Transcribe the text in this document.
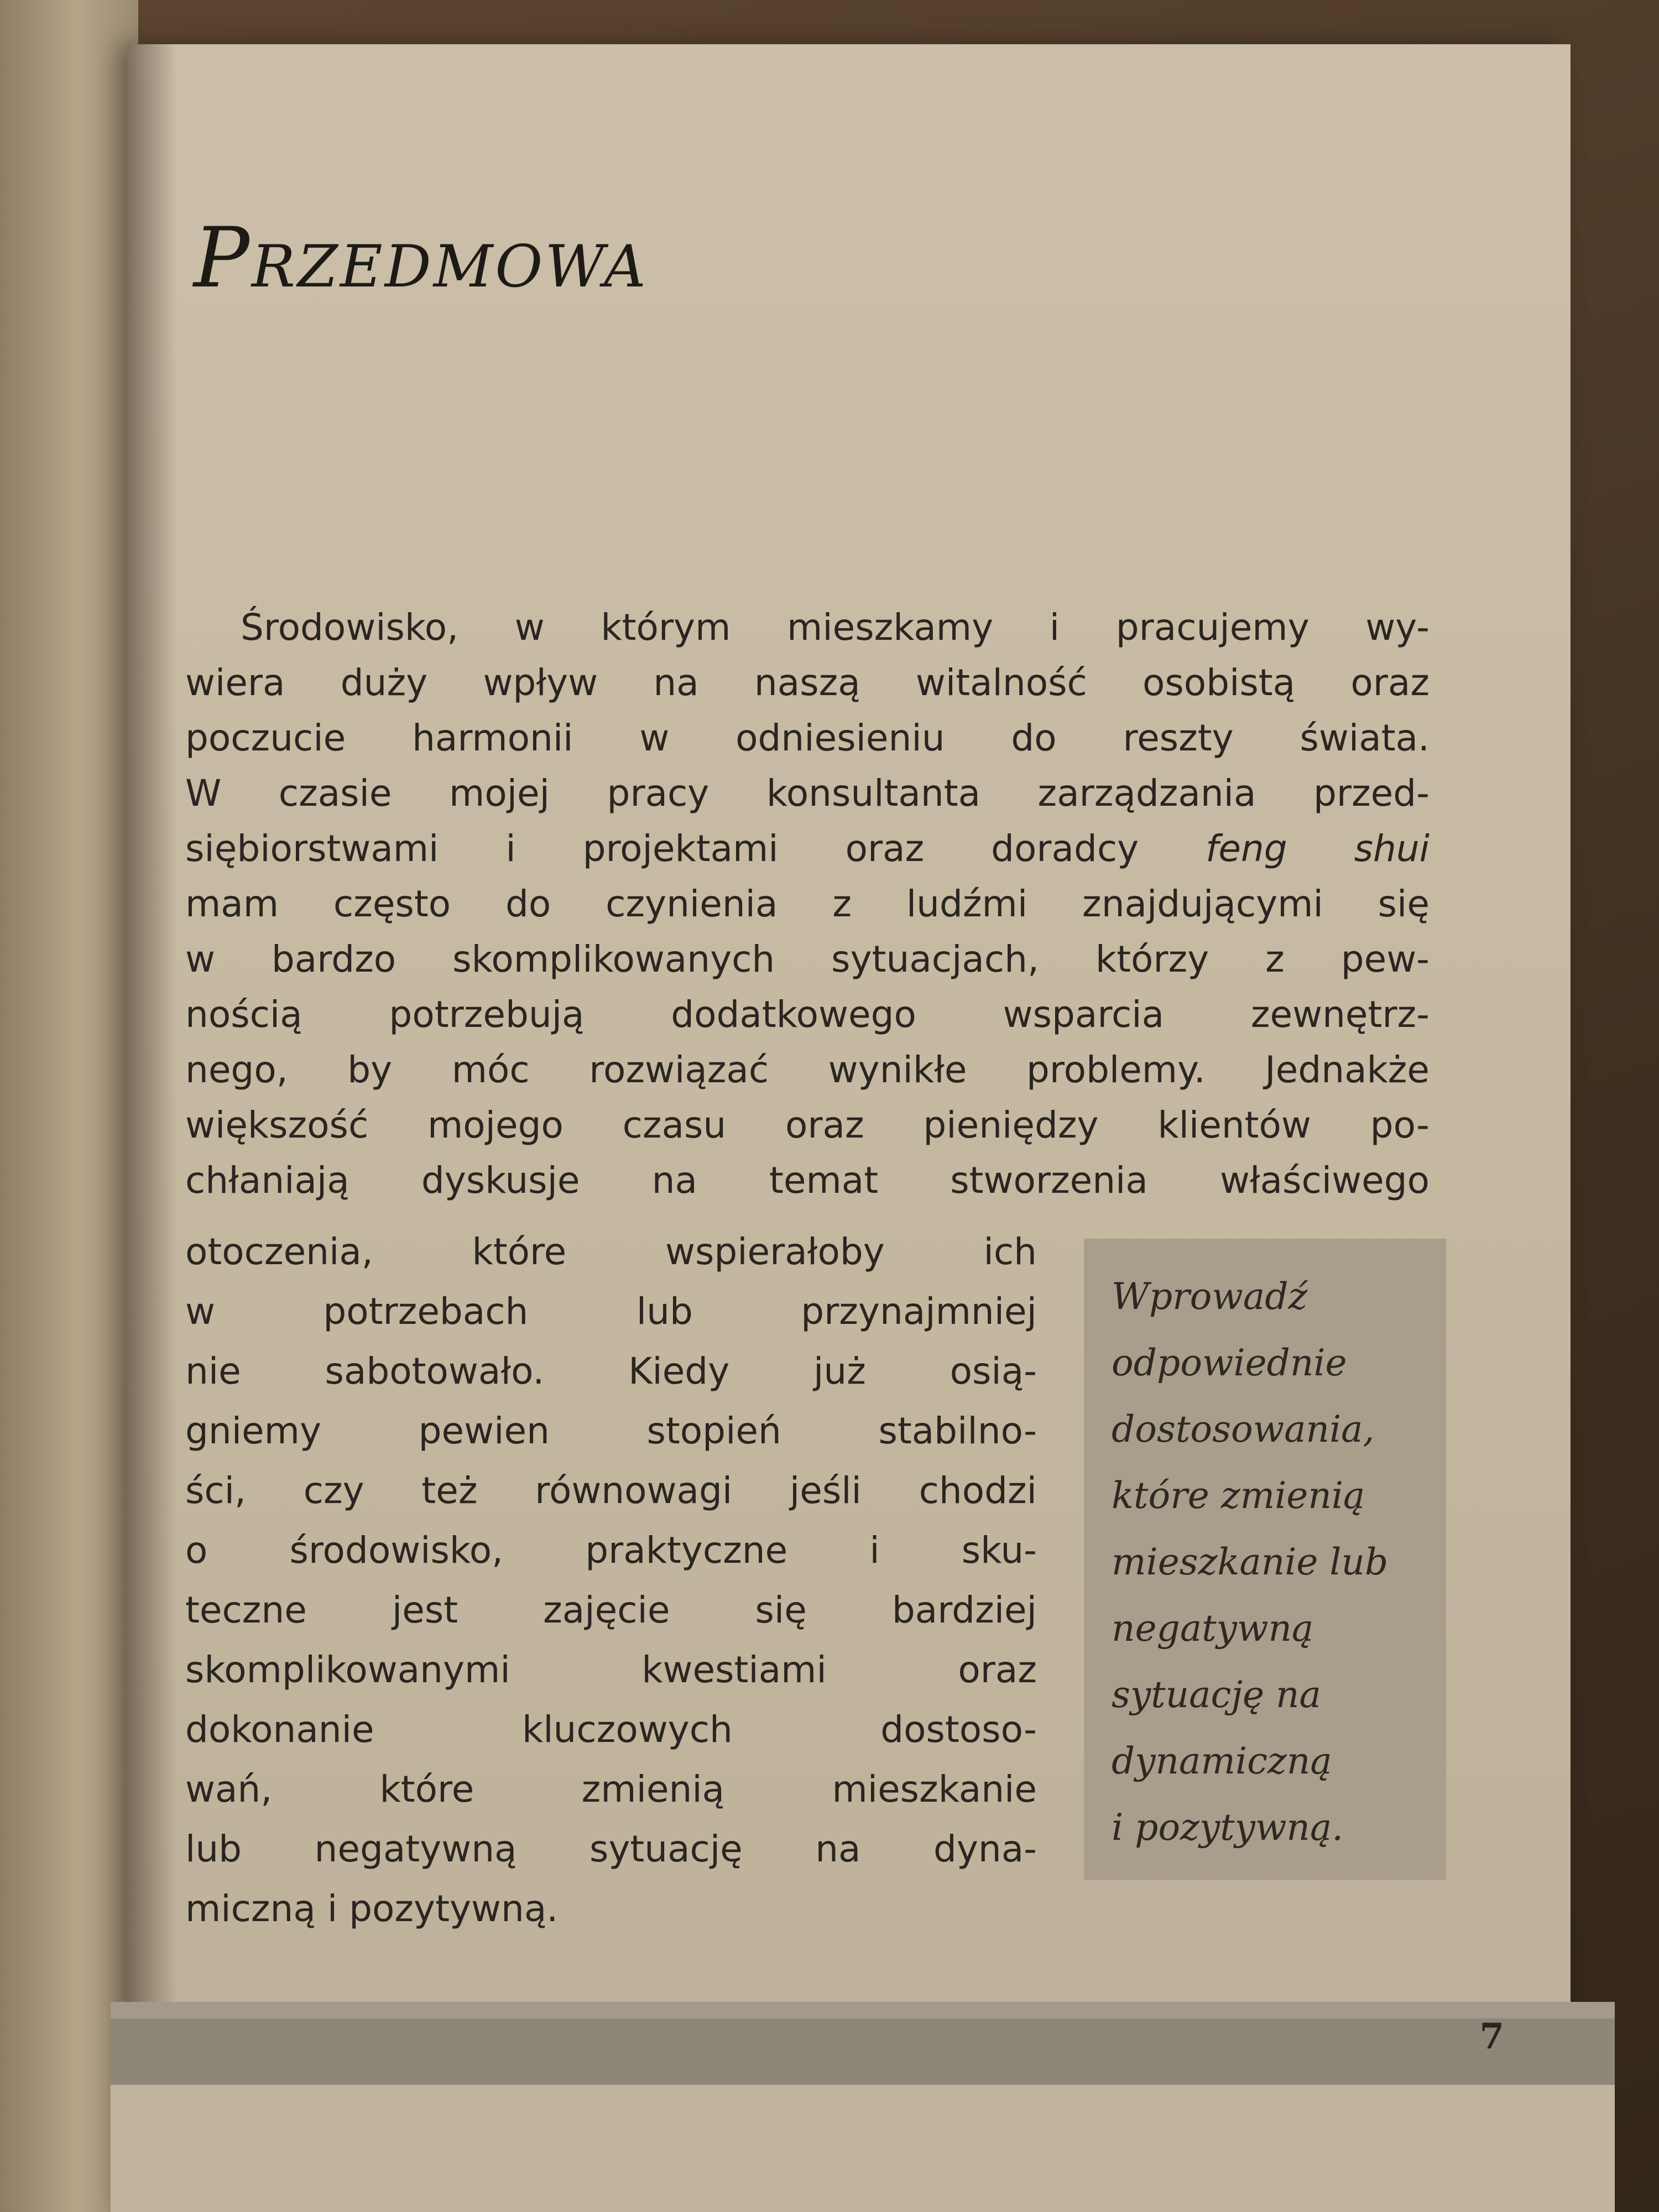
Przedmowa
Środowisko, w którym mieszkamy i pracujemy wy-
wiera duży wpływ na naszą witalność osobistą oraz
poczucie harmonii w odniesieniu do reszty świata.
W czasie mojej pracy konsultanta zarządzania przed-
siębiorstwami i projektami oraz doradcy feng shui
mam często do czynienia z ludźmi znajdującymi się
w bardzo skomplikowanych sytuacjach, którzy z pew-
nością potrzebują dodatkowego wsparcia zewnętrz-
nego, by móc rozwiązać wynikłe problemy. Jednakże
większość mojego czasu oraz pieniędzy klientów po-
chłaniają dyskusje na temat stworzenia właściwego
otoczenia, które wspierałoby ich
w potrzebach lub przynajmniej
nie sabotowało. Kiedy już osią-
gniemy pewien stopień stabilno-
ści, czy też równowagi jeśli chodzi
o środowisko, praktyczne i sku-
teczne jest zajęcie się bardziej
skomplikowanymi kwestiami oraz
dokonanie kluczowych dostoso-
wań, które zmienią mieszkanie
lub negatywną sytuację na dyna-
miczną i pozytywną.

Wprowadź
odpowiednie
dostosowania,
które zmienią
mieszkanie lub
negatywną
sytuację na
dynamiczną
i pozytywną.

7
